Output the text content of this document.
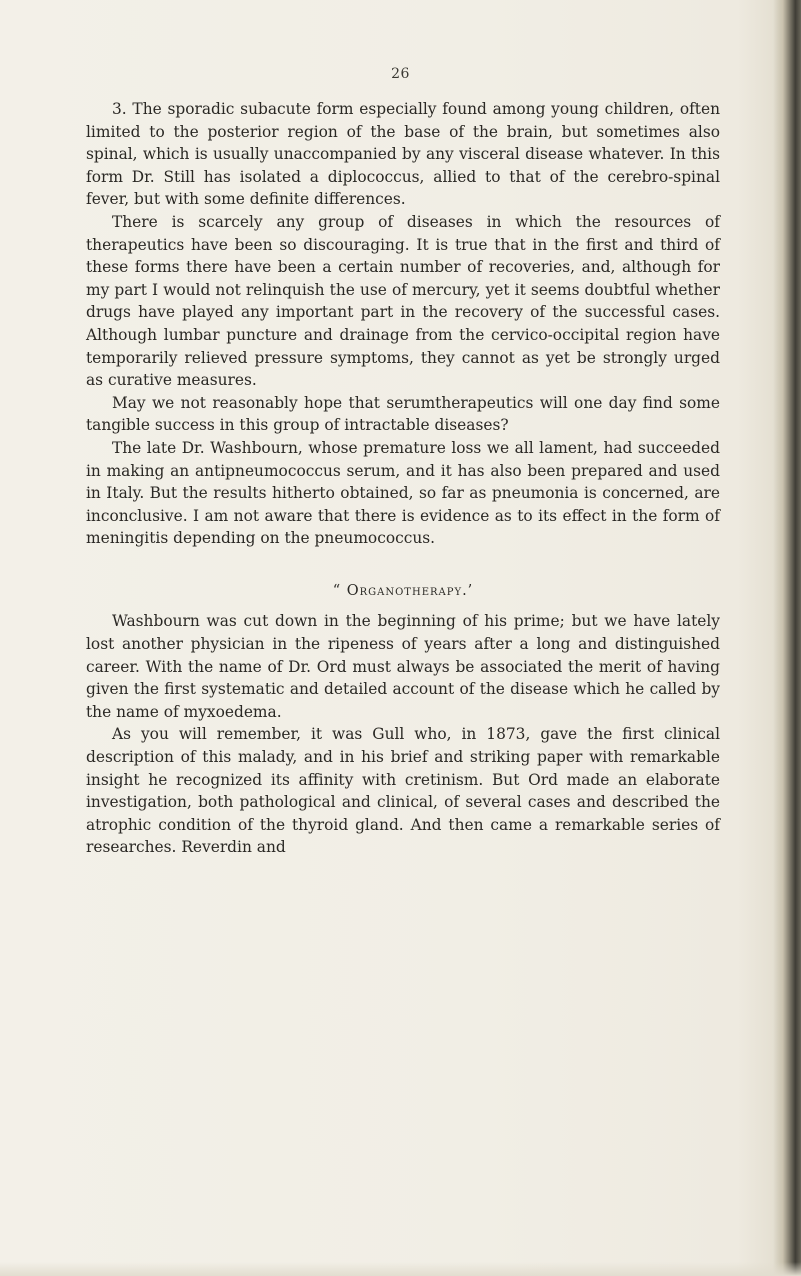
26

3. The sporadic subacute form especially found among young children, often limited to the posterior region of the base of the brain, but sometimes also spinal, which is usually unaccompanied by any visceral disease whatever. In this form Dr. Still has isolated a diplococcus, allied to that of the cerebro-spinal fever, but with some definite differences.

There is scarcely any group of diseases in which the resources of therapeutics have been so discouraging. It is true that in the first and third of these forms there have been a certain number of recoveries, and, although for my part I would not relinquish the use of mercury, yet it seems doubtful whether drugs have played any important part in the recovery of the successful cases. Although lumbar puncture and drainage from the cervico-occipital region have temporarily relieved pressure symptoms, they cannot as yet be strongly urged as curative measures.

May we not reasonably hope that serumtherapeutics will one day find some tangible success in this group of intractable diseases?

The late Dr. Washbourn, whose premature loss we all lament, had succeeded in making an antipneumococcus serum, and it has also been prepared and used in Italy. But the results hitherto obtained, so far as pneumonia is concerned, are inconclusive. I am not aware that there is evidence as to its effect in the form of meningitis depending on the pneumococcus.

“ Organotherapy.’

Washbourn was cut down in the beginning of his prime; but we have lately lost another physician in the ripeness of years after a long and distinguished career. With the name of Dr. Ord must always be associated the merit of having given the first systematic and detailed account of the disease which he called by the name of myxoedema.

As you will remember, it was Gull who, in 1873, gave the first clinical description of this malady, and in his brief and striking paper with remarkable insight he recognized its affinity with cretinism. But Ord made an elaborate investigation, both pathological and clinical, of several cases and described the atrophic condition of the thyroid gland. And then came a remarkable series of researches. Reverdin and
